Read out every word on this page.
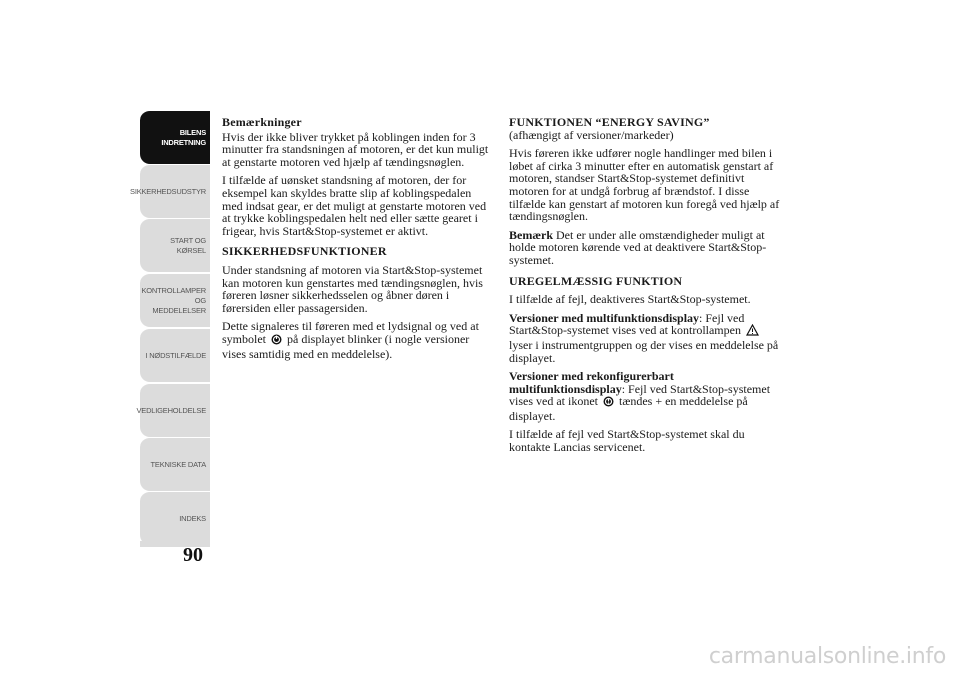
BILENS INDRETNING
SIKKERHEDSUDSTYR
START OG KØRSEL
KONTROLLAMPER OG MEDDELELSER
I NØDSTILFÆLDE
VEDLIGEHOLDELSE
TEKNISKE DATA
INDEKS
90
Bemærkninger

Hvis der ikke bliver trykket på koblingen inden for 3 minutter fra standsningen af motoren, er det kun muligt at genstarte motoren ved hjælp af tændingsnøglen.

I tilfælde af uønsket standsning af motoren, der for eksempel kan skyldes bratte slip af koblingspedalen med indsat gear, er det muligt at genstarte motoren ved at trykke koblingspedalen helt ned eller sætte gearet i frigear, hvis Start&Stop-systemet er aktivt.

SIKKERHEDSFUNKTIONER

Under standsning af motoren via Start&Stop-systemet kan motoren kun genstartes med tændingsnøglen, hvis føreren løsner sikkerhedsselen og åbner døren i førersiden eller passagersiden.

Dette signaleres til føreren med et lydsignal og ved at symbolet på displayet blinker (i nogle versioner vises samtidig med en meddelelse).

FUNKTIONEN “ENERGY SAVING”

(afhængigt af versioner/markeder)

Hvis føreren ikke udfører nogle handlinger med bilen i løbet af cirka 3 minutter efter en automatisk genstart af motoren, standser Start&Stop-systemet definitivt motoren for at undgå forbrug af brændstof. I disse tilfælde kan genstart af motoren kun foregå ved hjælp af tændingsnøglen.

Bemærk Det er under alle omstændigheder muligt at holde motoren kørende ved at deaktivere Start&Stop-systemet.

UREGELMÆSSIG FUNKTION

I tilfælde af fejl, deaktiveres Start&Stop-systemet.

Versioner med multifunktionsdisplay: Fejl ved Start&Stop-systemet vises ved at kontrollampen  lyser i instrumentgruppen og der vises en meddelelse på displayet.

Versioner med rekonfigurerbart multifunktionsdisplay: Fejl ved Start&Stop-systemet vises ved at ikonet tændes + en meddelelse på displayet.

I tilfælde af fejl ved Start&Stop-systemet skal du kontakte Lancias servicenet.

carmanualsonline.info
